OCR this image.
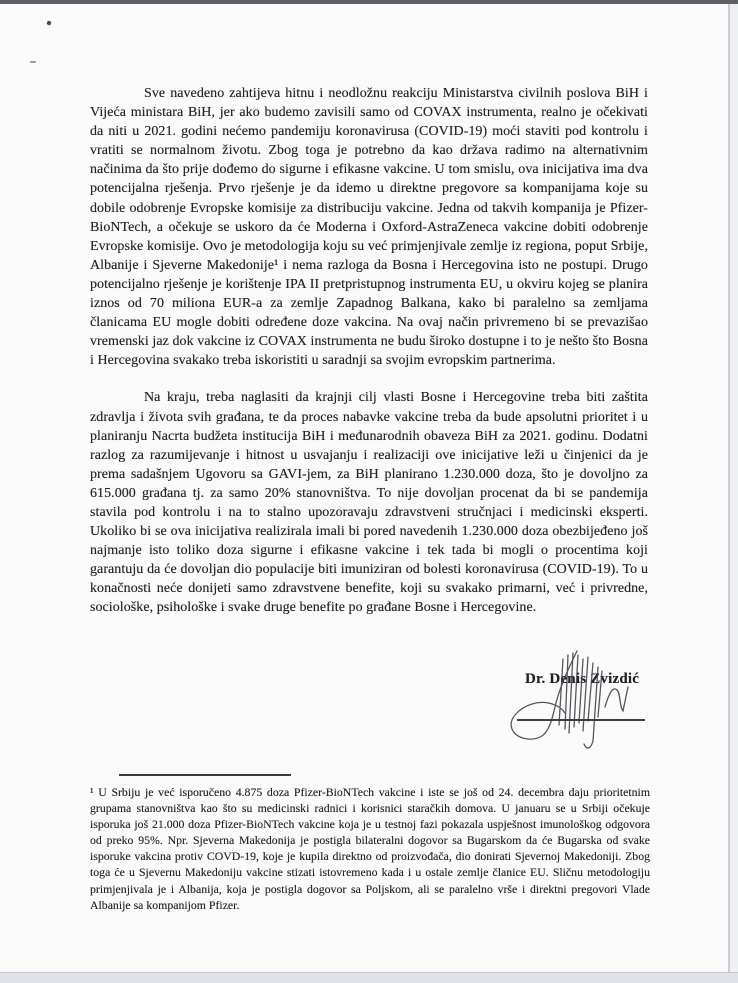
Sve navedeno zahtijeva hitnu i neodložnu reakciju Ministarstva civilnih poslova BiH i Vijeća ministara BiH, jer ako budemo zavisili samo od COVAX instrumenta, realno je očekivati da niti u 2021. godini nećemo pandemiju koronavirusa (COVID-19) moći staviti pod kontrolu i vratiti se normalnom životu. Zbog toga je potrebno da kao država radimo na alternativnim načinima da što prije dođemo do sigurne i efikasne vakcine. U tom smislu, ova inicijativa ima dva potencijalna rješenja. Prvo rješenje je da idemo u direktne pregovore sa kompanijama koje su dobile odobrenje Evropske komisije za distribuciju vakcine. Jedna od takvih kompanija je Pfizer-BioNTech, a očekuje se uskoro da će Moderna i Oxford-AstraZeneca vakcine dobiti odobrenje Evropske komisije. Ovo je metodologija koju su već primjenjivale zemlje iz regiona, poput Srbije, Albanije i Sjeverne Makedonije¹ i nema razloga da Bosna i Hercegovina isto ne postupi. Drugo potencijalno rješenje je korištenje IPA II pretpristupnog instrumenta EU, u okviru kojeg se planira iznos od 70 miliona EUR-a za zemlje Zapadnog Balkana, kako bi paralelno sa zemljama članicama EU mogle dobiti određene doze vakcina. Na ovaj način privremeno bi se prevazišao vremenski jaz dok vakcine iz COVAX instrumenta ne budu široko dostupne i to je nešto što Bosna i Hercegovina svakako treba iskoristiti u saradnji sa svojim evropskim partnerima.

Na kraju, treba naglasiti da krajnji cilj vlasti Bosne i Hercegovine treba biti zaštita zdravlja i života svih građana, te da proces nabavke vakcine treba da bude apsolutni prioritet i u planiranju Nacrta budžeta institucija BiH i međunarodnih obaveza BiH za 2021. godinu. Dodatni razlog za razumijevanje i hitnost u usvajanju i realizaciji ove inicijative leži u činjenici da je prema sadašnjem Ugovoru sa GAVI-jem, za BiH planirano 1.230.000 doza, što je dovoljno za 615.000 građana tj. za samo 20% stanovništva. To nije dovoljan procenat da bi se pandemija stavila pod kontrolu i na to stalno upozoravaju zdravstveni stručnjaci i medicinski eksperti. Ukoliko bi se ova inicijativa realizirala imali bi pored navedenih 1.230.000 doza obezbijeđeno još najmanje isto toliko doza sigurne i efikasne vakcine i tek tada bi mogli o procentima koji garantuju da će dovoljan dio populacije biti imuniziran od bolesti koronavirusa (COVID-19). To u konačnosti neće donijeti samo zdravstvene benefite, koji su svakako primarni, već i privredne, sociološke, psihološke i svake druge benefite po građane Bosne i Hercegovine.

Dr. Denis Zvizdić
¹ U Srbiju je već isporučeno 4.875 doza Pfizer-BioNTech vakcine i iste se još od 24. decembra daju prioritetnim grupama stanovništva kao što su medicinski radnici i korisnici staračkih domova. U januaru se u Srbiji očekuje isporuka još 21.000 doza Pfizer-BioNTech vakcine koja je u testnoj fazi pokazala uspješnost imunološkog odgovora od preko 95%. Npr. Sjeverna Makedonija je postigla bilateralni dogovor sa Bugarskom da će Bugarska od svake isporuke vakcina protiv COVD-19, koje je kupila direktno od proizvođača, dio donirati Sjevernoj Makedoniji. Zbog toga će u Sjevernu Makedoniju vakcine stizati istovremeno kada i u ostale zemlje članice EU. Sličnu metodologiju primjenjivala je i Albanija, koja je postigla dogovor sa Poljskom, ali se paralelno vrše i direktni pregovori Vlade Albanije sa kompanijom Pfizer.
